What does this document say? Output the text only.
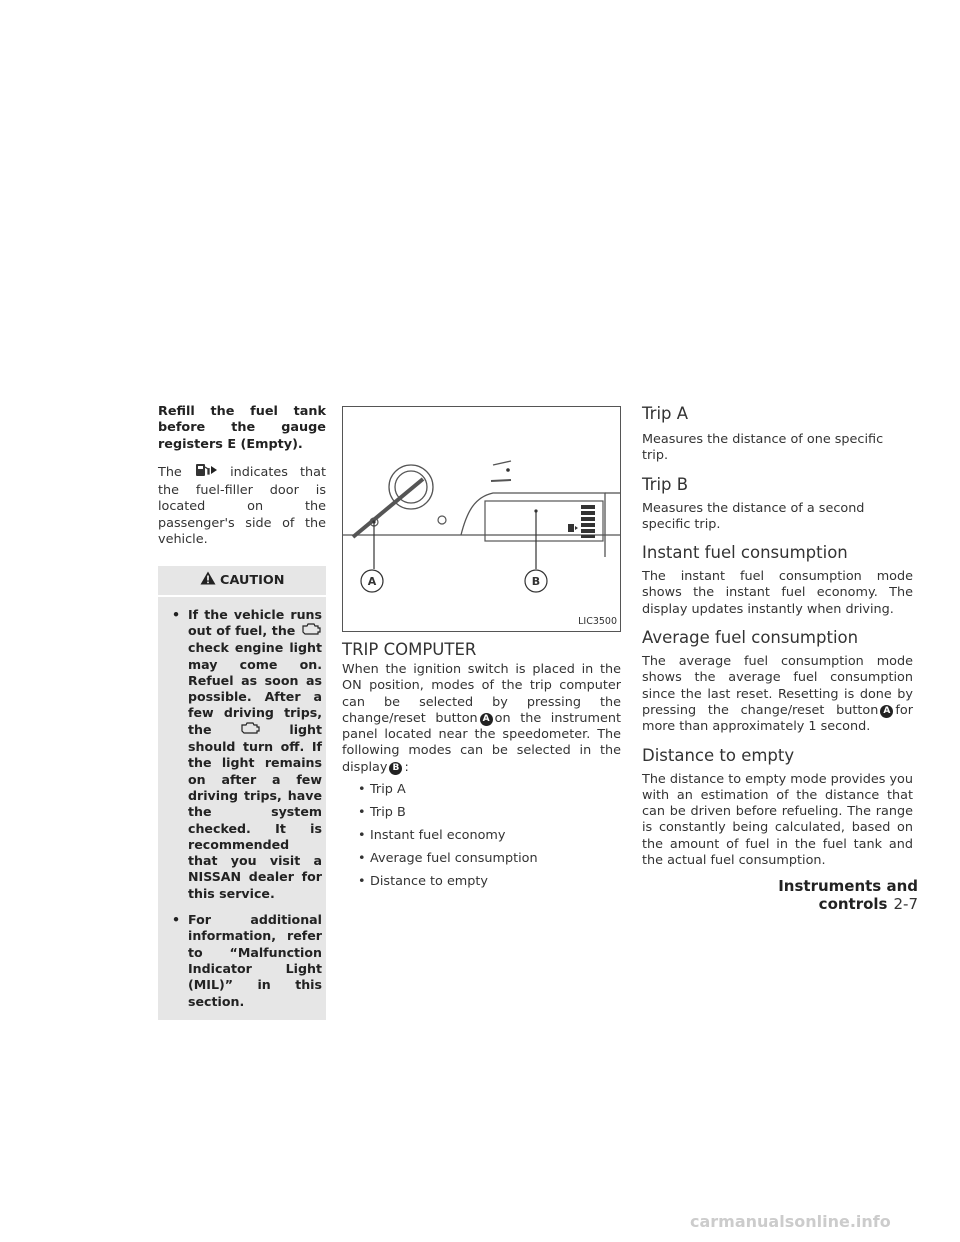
Refill the fuel tank before the gauge registers E (Empty).

The	indicates that the fuel-filler door is located on the passenger's side of the vehicle.

CAUTION
• If the vehicle runs out of fuel, the  check engine light may come on. Refuel as soon as possible. After a few driving trips, the	light should turn off. If the light remains on after a few driving trips, have the system checked. It is recommended that you visit a NISSAN dealer for this service.
• For additional information, refer to “Malfunction Indicator Light (MIL)” in this section.
A	B
LIC3500
TRIP COMPUTER

When the ignition switch is placed in the ON position, modes of the trip computer can be selected by pressing the change/reset button A on the instrument panel located near the speedometer. The following modes can be selected in the display B :

• Trip A
• Trip B
• Instant fuel economy
• Average fuel consumption
• Distance to empty
Trip A

Measures the distance of one specific trip.

Trip B

Measures the distance of a second specific trip.

Instant fuel consumption

The instant fuel consumption mode shows the instant fuel economy. The display updates instantly when driving.

Average fuel consumption

The average fuel consumption mode shows the average fuel consumption since the last reset. Resetting is done by pressing the change/reset button A for more than approximately 1 second.

Distance to empty

The distance to empty mode provides you with an estimation of the distance that can be driven before refueling. The range is constantly being calculated, based on the amount of fuel in the fuel tank and the actual fuel consumption.

Instruments and controls 2-7
carmanualsonline.info
